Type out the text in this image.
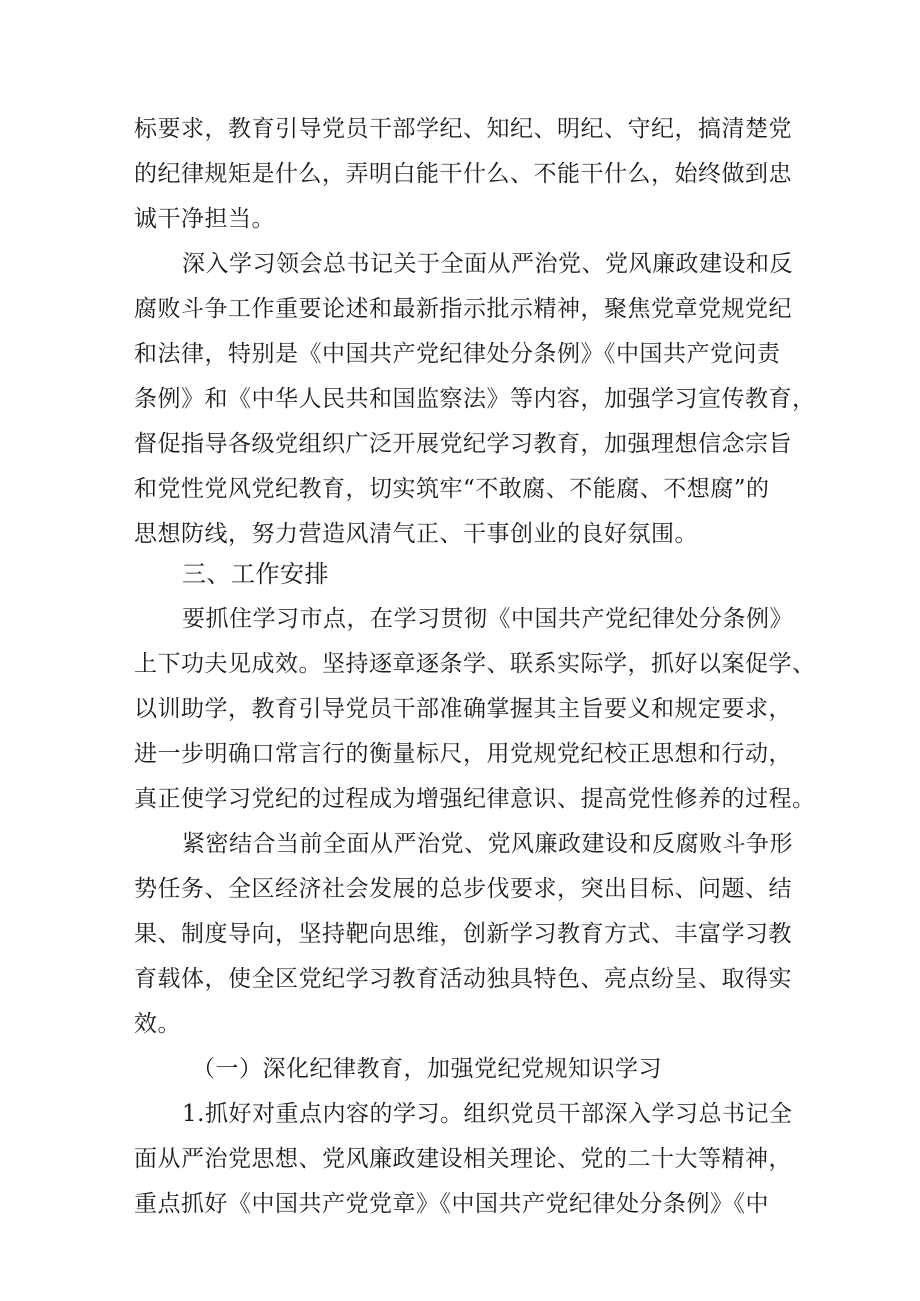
标要求，教育引导党员干部学纪、知纪、明纪、守纪，搞清楚党
的纪律规矩是什么，弄明白能干什么、不能干什么，始终做到忠
诚干净担当。
深入学习领会总书记关于全面从严治党、党风廉政建设和反
腐败斗争工作重要论述和最新指示批示精神，聚焦党章党规党纪
和法律，特别是《中国共产党纪律处分条例》《中国共产党问责
条例》和《中华人民共和国监察法》等内容，加强学习宣传教育，
督促指导各级党组织广泛开展党纪学习教育，加强理想信念宗旨
和党性党风党纪教育，切实筑牢“不敢腐、不能腐、不想腐”的
思想防线，努力营造风清气正、干事创业的良好氛围。
三、工作安排
要抓住学习市点，在学习贯彻《中国共产党纪律处分条例》
上下功夫见成效。坚持逐章逐条学、联系实际学，抓好以案促学、
以训助学，教育引导党员干部准确掌握其主旨要义和规定要求，
进一步明确口常言行的衡量标尺，用党规党纪校正思想和行动，
真正使学习党纪的过程成为增强纪律意识、提高党性修养的过程。
紧密结合当前全面从严治党、党风廉政建设和反腐败斗争形
势任务、全区经济社会发展的总步伐要求，突出目标、问题、结
果、制度导向，坚持靶向思维，创新学习教育方式、丰富学习教
育载体，使全区党纪学习教育活动独具特色、亮点纷呈、取得实
效。
（一）深化纪律教育，加强党纪党规知识学习
1.抓好对重点内容的学习。组织党员干部深入学习总书记全
面从严治党思想、党风廉政建设相关理论、党的二十大等精神，
重点抓好《中国共产党党章》《中国共产党纪律处分条例》《中
